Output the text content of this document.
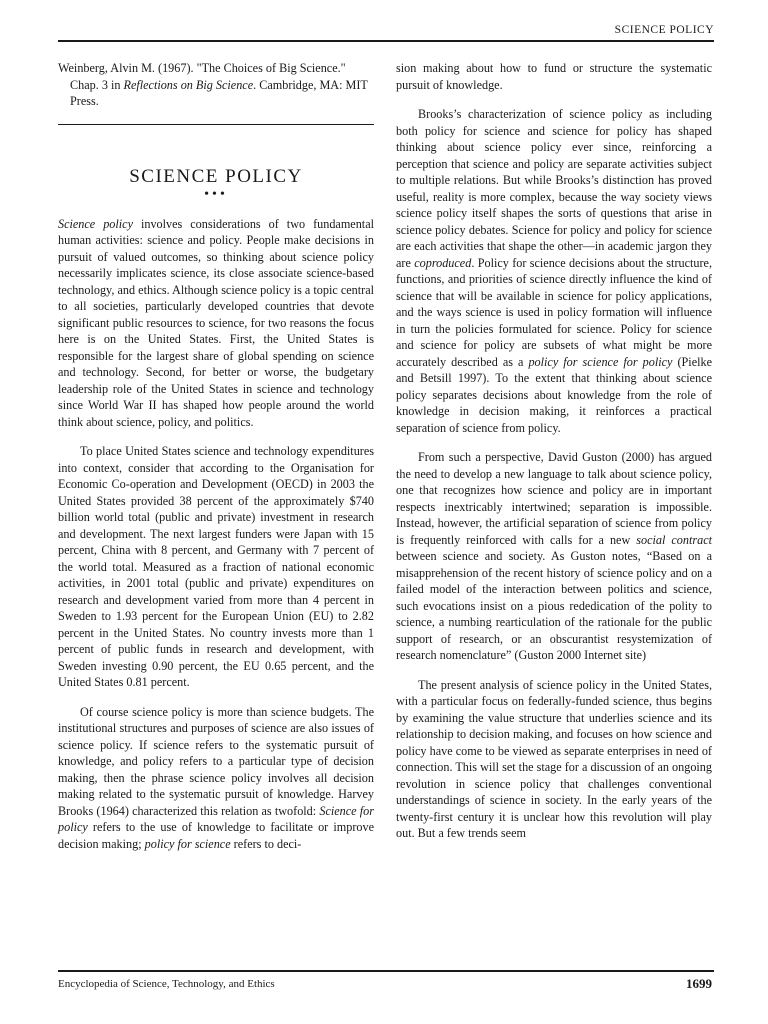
SCIENCE POLICY

Weinberg, Alvin M. (1967). "The Choices of Big Science." Chap. 3 in Reflections on Big Science. Cambridge, MA: MIT Press.

SCIENCE POLICY
•••

Science policy involves considerations of two fundamental human activities: science and policy. People make decisions in pursuit of valued outcomes, so thinking about science policy necessarily implicates science, its close associate science-based technology, and ethics. Although science policy is a topic central to all societies, particularly developed countries that devote significant public resources to science, for two reasons the focus here is on the United States. First, the United States is responsible for the largest share of global spending on science and technology. Second, for better or worse, the budgetary leadership role of the United States in science and technology since World War II has shaped how people around the world think about science, policy, and politics.

To place United States science and technology expenditures into context, consider that according to the Organisation for Economic Co-operation and Development (OECD) in 2003 the United States provided 38 percent of the approximately $740 billion world total (public and private) investment in research and development. The next largest funders were Japan with 15 percent, China with 8 percent, and Germany with 7 percent of the world total. Measured as a fraction of national economic activities, in 2001 total (public and private) expenditures on research and development varied from more than 4 percent in Sweden to 1.93 percent for the European Union (EU) to 2.82 percent in the United States. No country invests more than 1 percent of public funds in research and development, with Sweden investing 0.90 percent, the EU 0.65 percent, and the United States 0.81 percent.

Of course science policy is more than science budgets. The institutional structures and purposes of science are also issues of science policy. If science refers to the systematic pursuit of knowledge, and policy refers to a particular type of decision making, then the phrase science policy involves all decision making related to the systematic pursuit of knowledge. Harvey Brooks (1964) characterized this relation as twofold: Science for policy refers to the use of knowledge to facilitate or improve decision making; policy for science refers to deci-

sion making about how to fund or structure the systematic pursuit of knowledge.

Brooks’s characterization of science policy as including both policy for science and science for policy has shaped thinking about science policy ever since, reinforcing a perception that science and policy are separate activities subject to multiple relations. But while Brooks’s distinction has proved useful, reality is more complex, because the way society views science policy itself shapes the sorts of questions that arise in science policy debates. Science for policy and policy for science are each activities that shape the other—in academic jargon they are coproduced. Policy for science decisions about the structure, functions, and priorities of science directly influence the kind of science that will be available in science for policy applications, and the ways science is used in policy formation will influence in turn the policies formulated for science. Policy for science and science for policy are subsets of what might be more accurately described as a policy for science for policy (Pielke and Betsill 1997). To the extent that thinking about science policy separates decisions about knowledge from the role of knowledge in decision making, it reinforces a practical separation of science from policy.

From such a perspective, David Guston (2000) has argued the need to develop a new language to talk about science policy, one that recognizes how science and policy are in important respects inextricably intertwined; separation is impossible. Instead, however, the artificial separation of science from policy is frequently reinforced with calls for a new social contract between science and society. As Guston notes, “Based on a misapprehension of the recent history of science policy and on a failed model of the interaction between politics and science, such evocations insist on a pious rededication of the polity to science, a numbing rearticulation of the rationale for the public support of research, or an obscurantist resystemization of research nomenclature” (Guston 2000 Internet site)

The present analysis of science policy in the United States, with a particular focus on federally-funded science, thus begins by examining the value structure that underlies science and its relationship to decision making, and focuses on how science and policy have come to be viewed as separate enterprises in need of connection. This will set the stage for a discussion of an ongoing revolution in science policy that challenges conventional understandings of science in society. In the early years of the twenty-first century it is unclear how this revolution will play out. But a few trends seem

Encyclopedia of Science, Technology, and Ethics	1699
